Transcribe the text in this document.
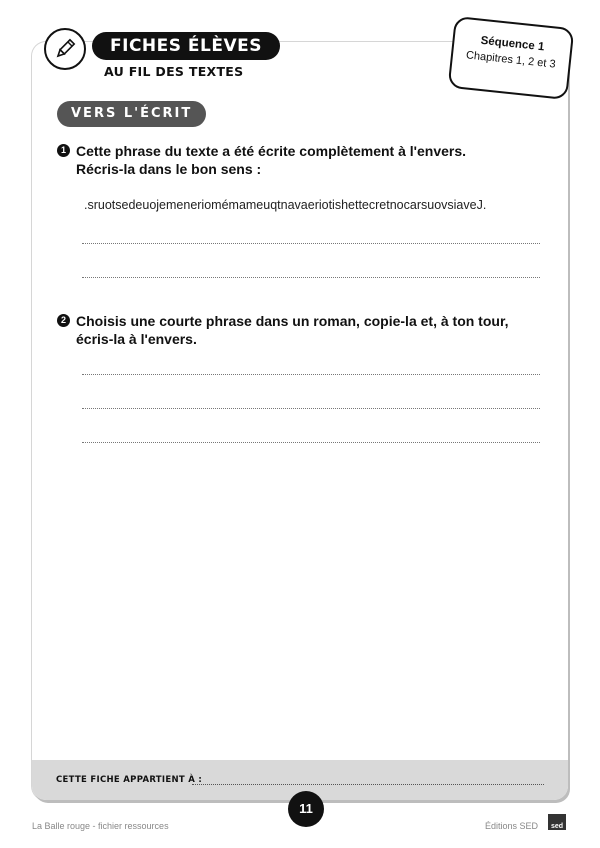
FICHES ÉLÈVES
AU FIL DES TEXTES
Séquence 1
Chapitres 1, 2 et 3
VERS L'ÉCRIT
1 Cette phrase du texte a été écrite complètement à l'envers.
Récris-la dans le bon sens :
.sruotsedeuojemeneriomémameuqtnavaeriotishettecretnocarsuovsiaveJ.
2 Choisis une courte phrase dans un roman, copie-la et, à ton tour,
écris-la à l'envers.
CETTE FICHE APPARTIENT À :
11
La Balle rouge - fichier ressources	Éditions SED sed
